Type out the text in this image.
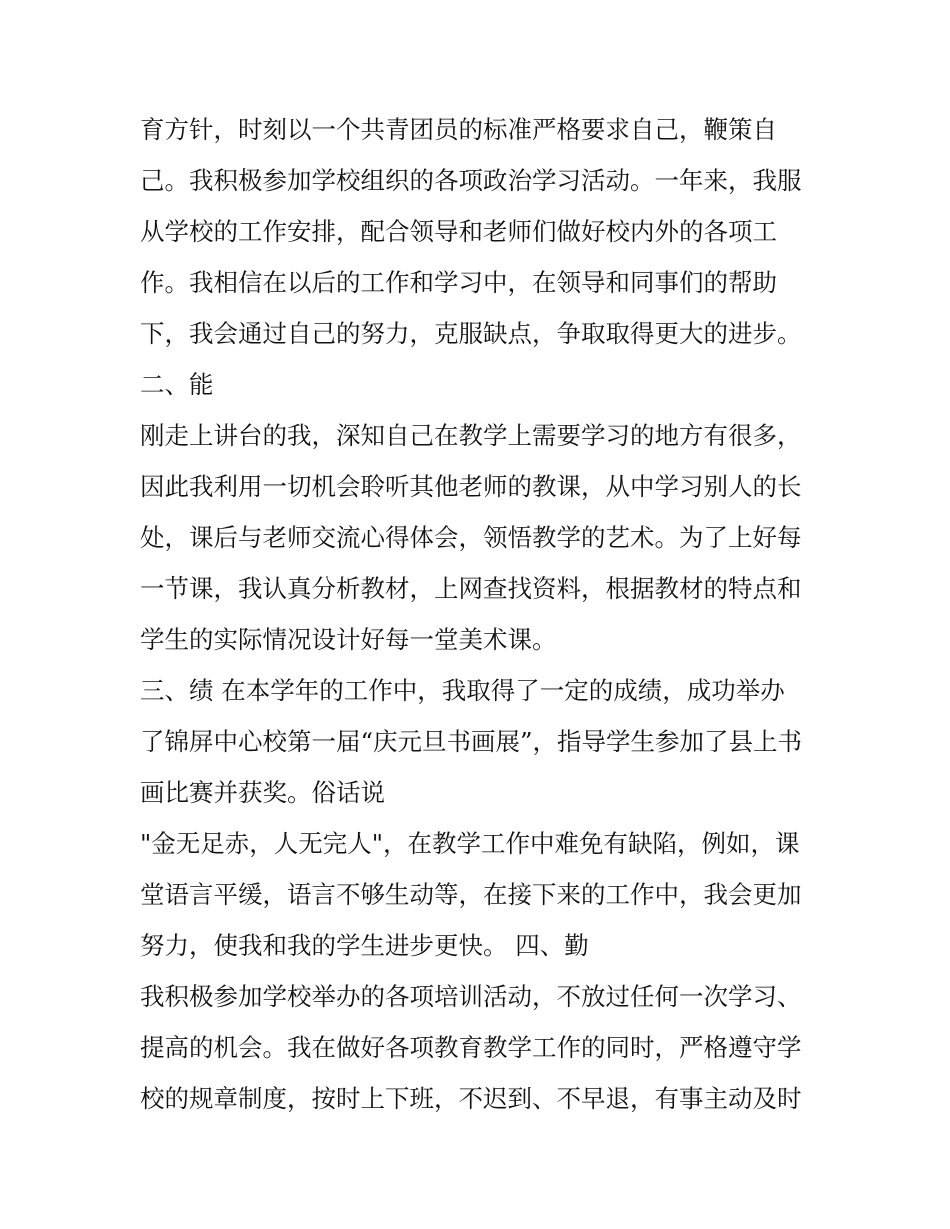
育方针，时刻以一个共青团员的标准严格要求自己，鞭策自
己。我积极参加学校组织的各项政治学习活动。一年来，我服
从学校的工作安排，配合领导和老师们做好校内外的各项工
作。我相信在以后的工作和学习中，在领导和同事们的帮助
下，我会通过自己的努力，克服缺点，争取取得更大的进步。
二、能
刚走上讲台的我，深知自己在教学上需要学习的地方有很多，
因此我利用一切机会聆听其他老师的教课，从中学习别人的长
处，课后与老师交流心得体会，领悟教学的艺术。为了上好每
一节课，我认真分析教材，上网查找资料，根据教材的特点和
学生的实际情况设计好每一堂美术课。
三、绩 在本学年的工作中，我取得了一定的成绩，成功举办
了锦屏中心校第一届“庆元旦书画展”，指导学生参加了县上书
画比赛并获奖。俗话说
"金无足赤，人无完人"，在教学工作中难免有缺陷，例如，课
堂语言平缓，语言不够生动等，在接下来的工作中，我会更加
努力，使我和我的学生进步更快。 四、勤
我积极参加学校举办的各项培训活动，不放过任何一次学习、
提高的机会。我在做好各项教育教学工作的同时，严格遵守学
校的规章制度，按时上下班，不迟到、不早退，有事主动及时
